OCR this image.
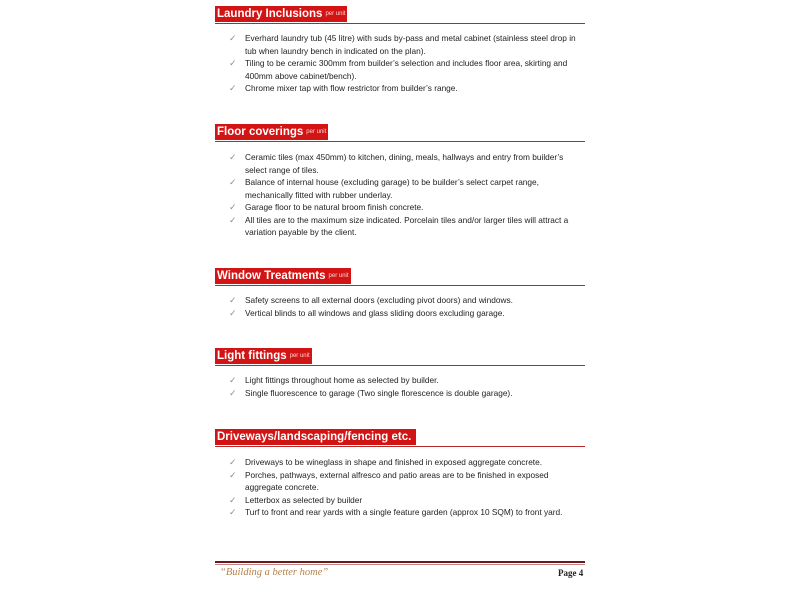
Laundry Inclusions per unit
✓ Everhard laundry tub (45 litre) with suds by-pass and metal cabinet (stainless steel drop in tub when laundry bench in indicated on the plan).
✓ Tiling to be ceramic 300mm from builder’s selection and includes floor area, skirting and 400mm above cabinet/bench).
✓ Chrome mixer tap with flow restrictor from builder’s range.
Floor coverings per unit
✓ Ceramic tiles (max 450mm) to kitchen, dining, meals, hallways and entry from builder’s select range of tiles.
✓ Balance of internal house (excluding garage) to be builder’s select carpet range, mechanically fitted with rubber underlay.
✓ Garage floor to be natural broom finish concrete.
✓ All tiles are to the maximum size indicated. Porcelain tiles and/or larger tiles will attract a variation payable by the client.
Window Treatments per unit
✓ Safety screens to all external doors (excluding pivot doors) and windows.
✓ Vertical blinds to all windows and glass sliding doors excluding garage.
Light fittings per unit
✓ Light fittings throughout home as selected by builder.
✓ Single fluorescence to garage (Two single florescence is double garage).
Driveways/landscaping/fencing etc.
✓ Driveways to be wineglass in shape and finished in exposed aggregate concrete.
✓ Porches, pathways, external alfresco and patio areas are to be finished in exposed aggregate concrete.
✓ Letterbox as selected by builder
✓ Turf to front and rear yards with a single feature garden (approx 10 SQM) to front yard.
“Building a better home”	Page 4
